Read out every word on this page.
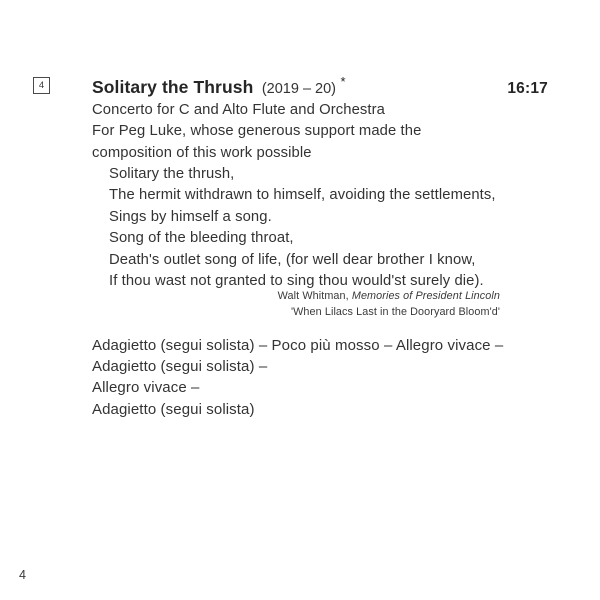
4	Solitary the Thrush (2019 – 20) *	16:17
Concerto for C and Alto Flute and Orchestra
For Peg Luke, whose generous support made the
composition of this work possible
Solitary the thrush,
The hermit withdrawn to himself, avoiding the settlements,
Sings by himself a song.
Song of the bleeding throat,
Death's outlet song of life, (for well dear brother I know,
If thou wast not granted to sing thou would'st surely die).
Walt Whitman, Memories of President Lincoln
'When Lilacs Last in the Dooryard Bloom'd'
Adagietto (segui solista) – Poco più mosso – Allegro vivace –
Adagietto (segui solista) –
Allegro vivace –
Adagietto (segui solista)
4
